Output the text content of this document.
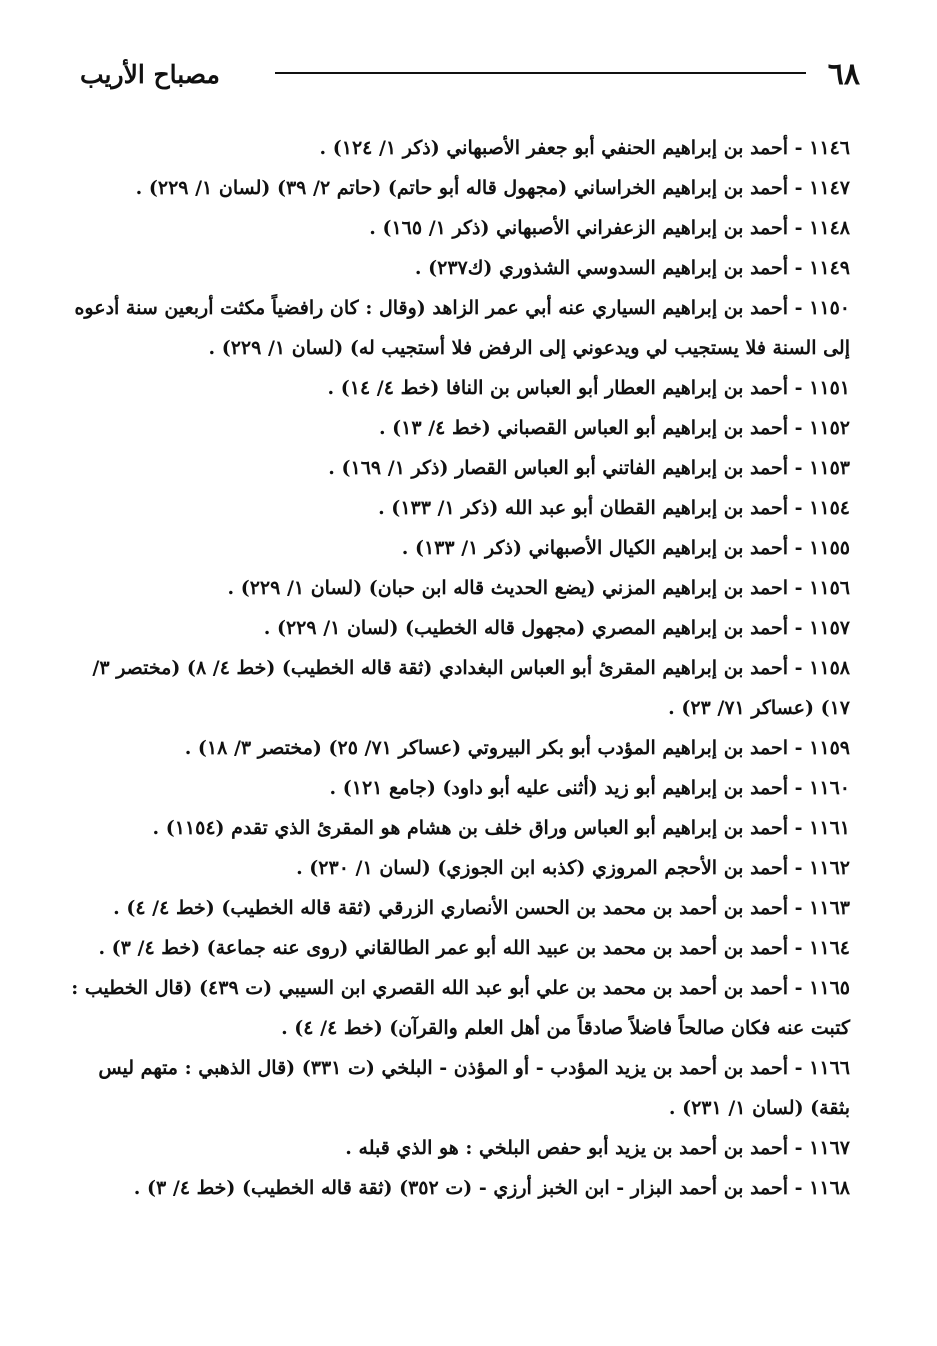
٦٨
مصباح الأريب
١١٤٦ - أحمد بن إبراهيم الحنفي أبو جعفر الأصبهاني (ذكر ١/ ١٢٤) .
١١٤٧ - أحمد بن إبراهيم الخراساني (مجهول قاله أبو حاتم) (حاتم ٢/ ٣٩) (لسان ١/ ٢٢٩) .
١١٤٨ - أحمد بن إبراهيم الزعفراني الأصبهاني (ذكر ١/ ١٦٥) .
١١٤٩ - أحمد بن إبراهيم السدوسي الشذوري (ك٢٣٧) .
١١٥٠ - أحمد بن إبراهيم السياري عنه أبي عمر الزاهد (وقال : كان رافضياً مكثت أربعين سنة أدعوه إلى السنة فلا يستجيب لي ويدعوني إلى الرفض فلا أستجيب له) (لسان ١/ ٢٢٩) .
١١٥١ - أحمد بن إبراهيم العطار أبو العباس بن النافا (خط ٤/ ١٤) .
١١٥٢ - أحمد بن إبراهيم أبو العباس القصباني (خط ٤/ ١٣) .
١١٥٣ - أحمد بن إبراهيم الفاتني أبو العباس القصار (ذكر ١/ ١٦٩) .
١١٥٤ - أحمد بن إبراهيم القطان أبو عبد الله (ذكر ١/ ١٣٣) .
١١٥٥ - أحمد بن إبراهيم الكيال الأصبهاني (ذكر ١/ ١٣٣) .
١١٥٦ - احمد بن إبراهيم المزني (يضع الحديث قاله ابن حبان) (لسان ١/ ٢٢٩) .
١١٥٧ - أحمد بن إبراهيم المصري (مجهول قاله الخطيب) (لسان ١/ ٢٢٩) .
١١٥٨ - أحمد بن إبراهيم المقرئ أبو العباس البغدادي (ثقة قاله الخطيب) (خط ٤/ ٨) (مختصر ٣/ ١٧) (عساكر ٧١/ ٢٣) .
١١٥٩ - احمد بن إبراهيم المؤدب أبو بكر البيروتي (عساكر ٧١/ ٢٥) (مختصر ٣/ ١٨) .
١١٦٠ - أحمد بن إبراهيم أبو زيد (أثنى عليه أبو داود) (جامع ١٢١) .
١١٦١ - أحمد بن إبراهيم أبو العباس وراق خلف بن هشام هو المقرئ الذي تقدم (١١٥٤) .
١١٦٢ - أحمد بن الأحجم المروزي (كذبه ابن الجوزي) (لسان ١/ ٢٣٠) .
١١٦٣ - أحمد بن أحمد بن محمد بن الحسن الأنصاري الزرقي (ثقة قاله الخطيب) (خط ٤/ ٤) .
١١٦٤ - أحمد بن أحمد بن محمد بن عبيد الله أبو عمر الطالقاني (روى عنه جماعة) (خط ٤/ ٣) .
١١٦٥ - أحمد بن أحمد بن محمد بن علي أبو عبد الله القصري ابن السيبي (ت ٤٣٩) (قال الخطيب : كتبت عنه فكان صالحاً فاضلاً صادقاً من أهل العلم والقرآن) (خط ٤/ ٤) .
١١٦٦ - أحمد بن أحمد بن يزيد المؤدب - أو المؤذن - البلخي (ت ٣٣١) (قال الذهبي : متهم ليس بثقة) (لسان ١/ ٢٣١) .
١١٦٧ - أحمد بن أحمد بن يزيد أبو حفص البلخي : هو الذي قبله .
١١٦٨ - أحمد بن أحمد البزار - ابن الخبز أرزي - (ت ٣٥٢) (ثقة قاله الخطيب) (خط ٤/ ٣) .
